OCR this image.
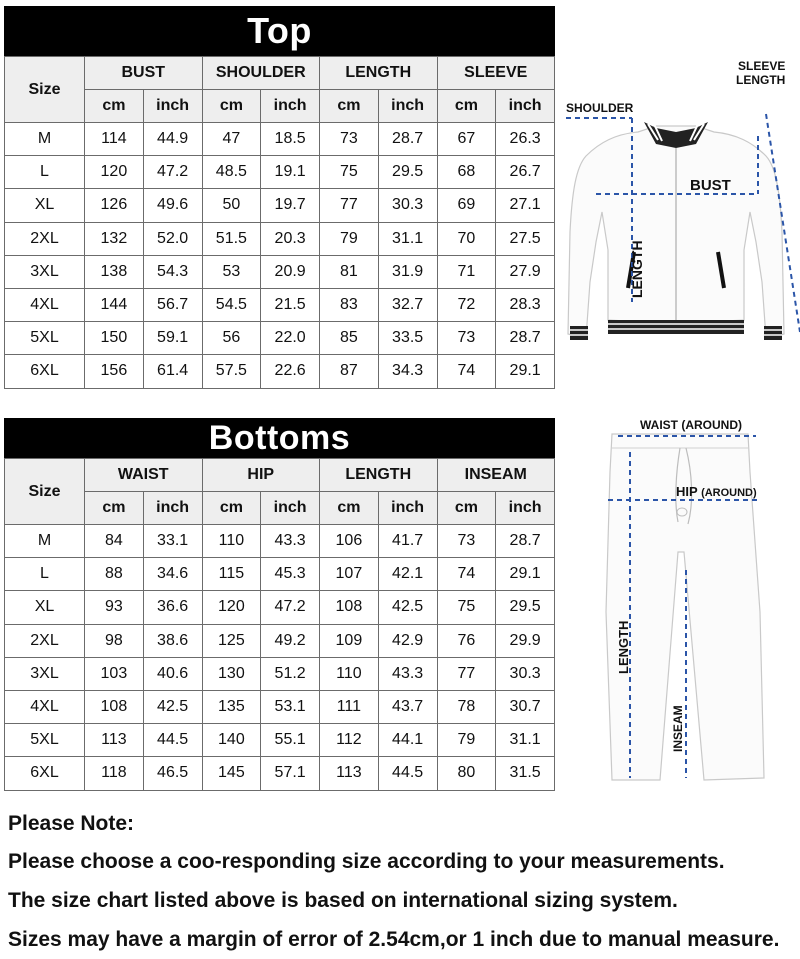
Top
Size	BUST		SHOULDER		LENGTH		SLEEVE	
	cm	inch	cm	inch	cm	inch	cm	inch
M	114	44.9	47	18.5	73	28.7	67	26.3
L	120	47.2	48.5	19.1	75	29.5	68	26.7
XL	126	49.6	50	19.7	77	30.3	69	27.1
2XL	132	52.0	51.5	20.3	79	31.1	70	27.5
3XL	138	54.3	53	20.9	81	31.9	71	27.9
4XL	144	56.7	54.5	21.5	83	32.7	72	28.3
5XL	150	59.1	56	22.0	85	33.5	73	28.7
6XL	156	61.4	57.5	22.6	87	34.3	74	29.1
SHOULDER
SLEEVE
LENGTH
BUST
LENGTH
Bottoms
Size	WAIST		HIP		LENGTH		INSEAM	
	cm	inch	cm	inch	cm	inch	cm	inch
M	84	33.1	110	43.3	106	41.7	73	28.7
L	88	34.6	115	45.3	107	42.1	74	29.1
XL	93	36.6	120	47.2	108	42.5	75	29.5
2XL	98	38.6	125	49.2	109	42.9	76	29.9
3XL	103	40.6	130	51.2	110	43.3	77	30.3
4XL	108	42.5	135	53.1	111	43.7	78	30.7
5XL	113	44.5	140	55.1	112	44.1	79	31.1
6XL	118	46.5	145	57.1	113	44.5	80	31.5
WAIST (AROUND)
HIP (AROUND)
LENGTH
INSEAM
Please Note:
Please choose a coo-responding size according to your measurements.
The size chart listed above is based on international sizing system.
Sizes may have a margin of error of 2.54cm,or 1 inch due to manual measure.
